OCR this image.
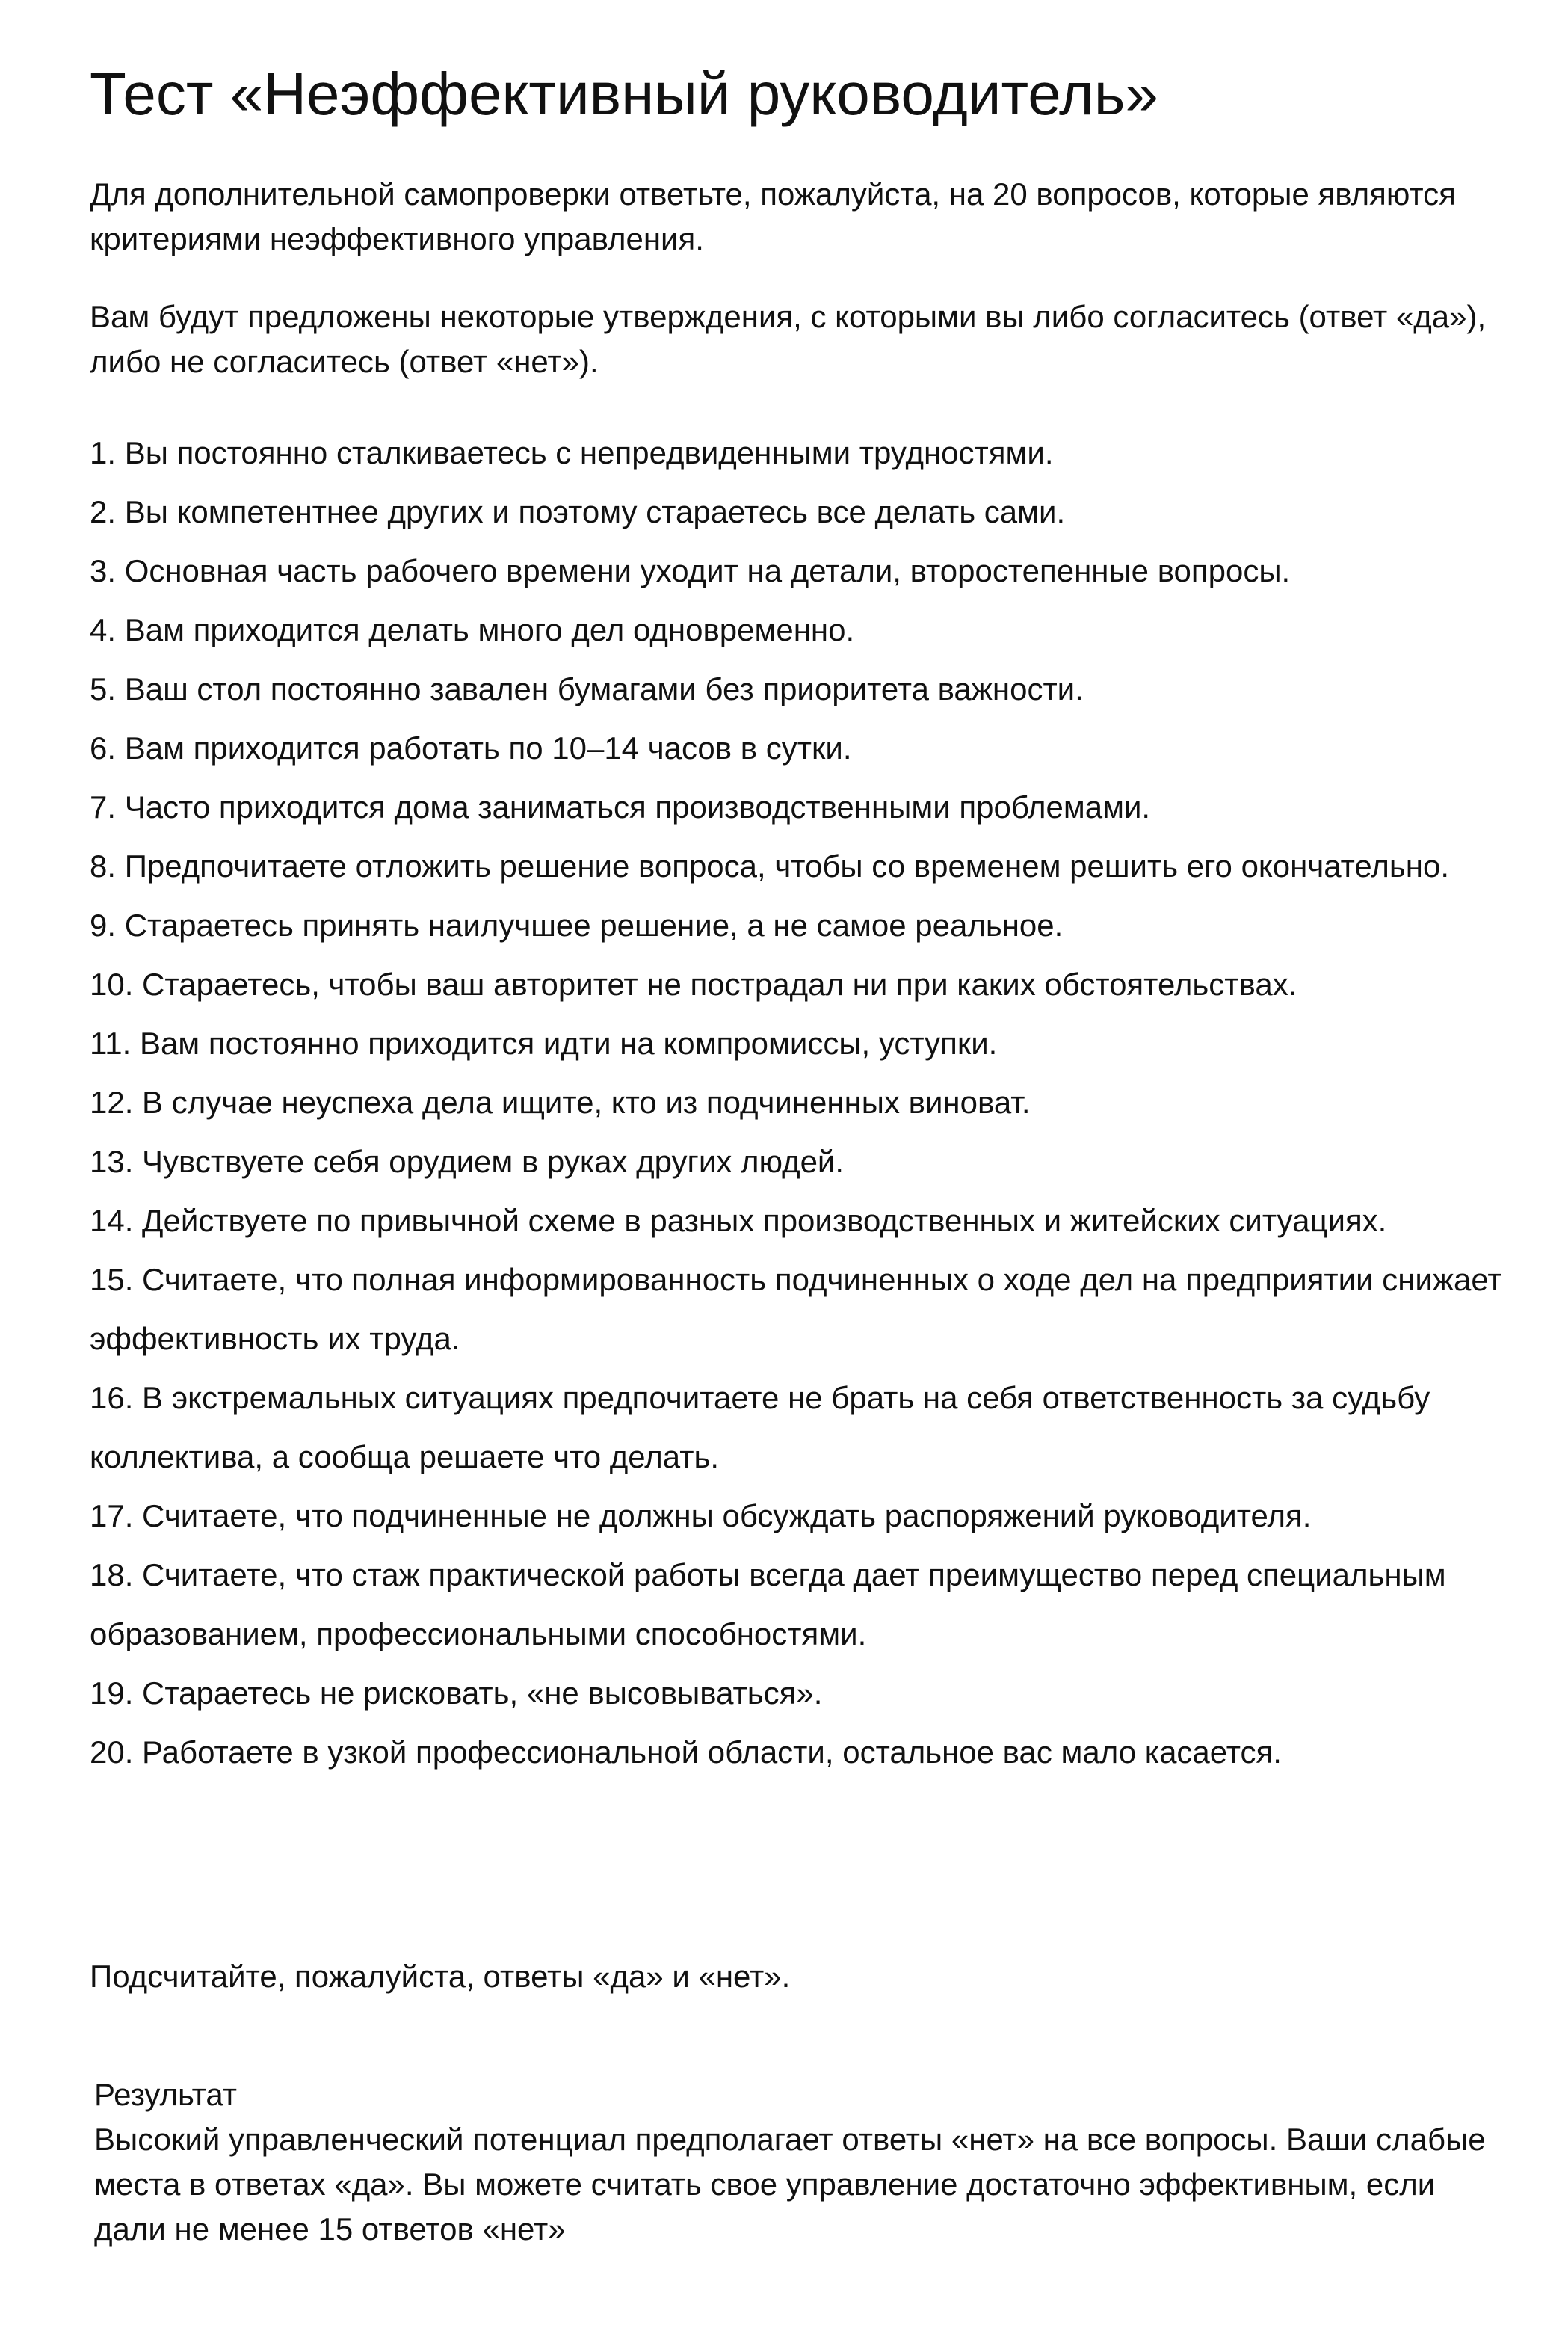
Тест «Неэффективный руководитель»

Для дополнительной самопроверки ответьте, пожалуйста, на 20 вопросов, которые являются критериями неэффективного управления.

Вам будут предложены некоторые утверждения, с которыми вы либо согласитесь (ответ «да»), либо не согласитесь (ответ «нет»).

1. Вы постоянно сталкиваетесь с непредвиденными трудностями.
2. Вы компетентнее других и поэтому стараетесь все делать сами.
3. Основная часть рабочего времени уходит на детали, второстепенные вопросы.
4. Вам приходится делать много дел одновременно.
5. Ваш стол постоянно завален бумагами без приоритета важности.
6. Вам приходится работать по 10–14 часов в сутки.
7. Часто приходится дома заниматься производственными проблемами.
8. Предпочитаете отложить решение вопроса, чтобы со временем решить его окончательно.
9. Стараетесь принять наилучшее решение, а не самое реальное.
10. Стараетесь, чтобы ваш авторитет не пострадал ни при каких обстоятельствах.
11. Вам постоянно приходится идти на компромиссы, уступки.
12. В случае неуспеха дела ищите, кто из подчиненных виноват.
13. Чувствуете себя орудием в руках других людей.
14. Действуете по привычной схеме в разных производственных и житейских ситуациях.
15. Считаете, что полная информированность подчиненных о ходе дел на предприятии снижает эффективность их труда.
16. В экстремальных ситуациях предпочитаете не брать на себя ответственность за судьбу коллектива, а сообща решаете что делать.
17. Считаете, что подчиненные не должны обсуждать распоряжений руководителя.
18. Считаете, что стаж практической работы всегда дает преимущество перед специальным образованием, профессиональными способностями.
19. Стараетесь не рисковать, «не высовываться».
20. Работаете в узкой профессиональной области, остальное вас мало касается.

Подсчитайте, пожалуйста, ответы «да» и «нет».

Результат

Высокий управленческий потенциал предполагает ответы «нет» на все вопросы. Ваши слабые места в ответах «да». Вы можете считать свое управление достаточно эффективным, если дали не менее 15 ответов «нет»
